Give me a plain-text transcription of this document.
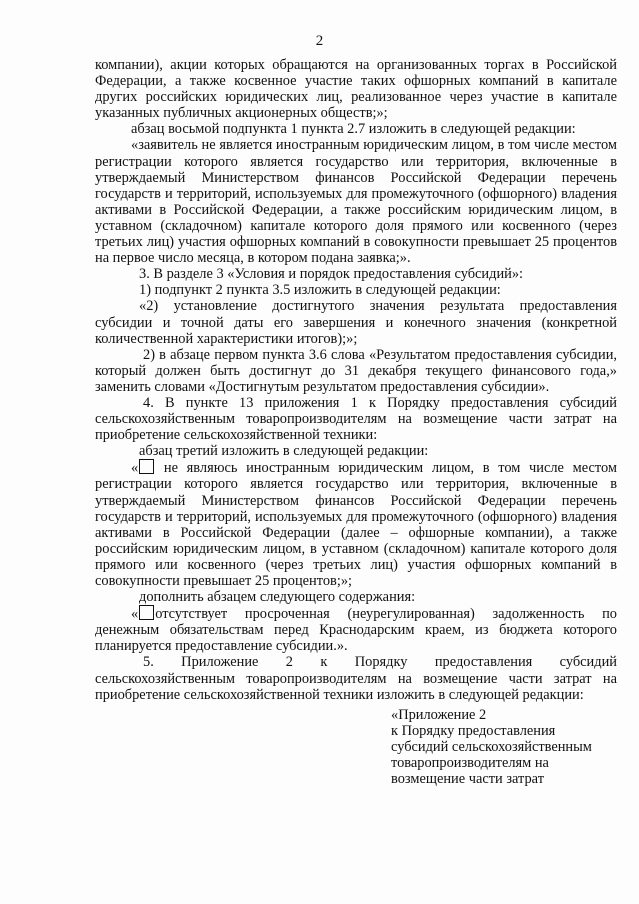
2

компании), акции которых обращаются на организованных торгах в Российской Федерации, а также косвенное участие таких офшорных компаний в капитале других российских юридических лиц, реализованное через участие в капитале указанных публичных акционерных обществ;»;

абзац восьмой подпункта 1 пункта 2.7 изложить в следующей редакции:

«заявитель не является иностранным юридическим лицом, в том числе местом регистрации которого является государство или территория, включенные в утверждаемый Министерством финансов Российской Федерации перечень государств и территорий, используемых для промежуточного (офшорного) владения активами в Российской Федерации, а также российским юридическим лицом, в уставном (складочном) капитале которого доля прямого или косвенного (через третьих лиц) участия офшорных компаний в совокупности превышает 25 процентов на первое число месяца, в котором подана заявка;».

3. В разделе 3 «Условия и порядок предоставления субсидий»:

1) подпункт 2 пункта 3.5 изложить в следующей редакции:

«2) установление достигнутого значения результата предоставления субсидии и точной даты его завершения и конечного значения (конкретной количественной характеристики итогов);»;

2) в абзаце первом пункта 3.6 слова «Результатом предоставления субсидии, который должен быть достигнут до 31 декабря текущего финансового года,» заменить словами «Достигнутым результатом предоставления субсидии».

4. В пункте 13 приложения 1 к Порядку предоставления субсидий сельскохозяйственным товаропроизводителям на возмещение части затрат на приобретение сельскохозяйственной техники:

абзац третий изложить в следующей редакции:

« не являюсь иностранным юридическим лицом, в том числе местом регистрации которого является государство или территория, включенные в утверждаемый Министерством финансов Российской Федерации перечень государств и территорий, используемых для промежуточного (офшорного) владения активами в Российской Федерации (далее – офшорные компании), а также российским юридическим лицом, в уставном (складочном) капитале которого доля прямого или косвенного (через третьих лиц) участия офшорных компаний в совокупности превышает 25 процентов;»;

дополнить абзацем следующего содержания:

« отсутствует просроченная (неурегулированная) задолженность по денежным обязательствам перед Краснодарским краем, из бюджета которого планируется предоставление субсидии.».

5. Приложение 2 к Порядку предоставления субсидий сельскохозяйственным товаропроизводителям на возмещение части затрат на приобретение сельскохозяйственной техники изложить в следующей редакции:

«Приложение 2
к Порядку предоставления
субсидий сельскохозяйственным
товаропроизводителям на
возмещение части затрат
